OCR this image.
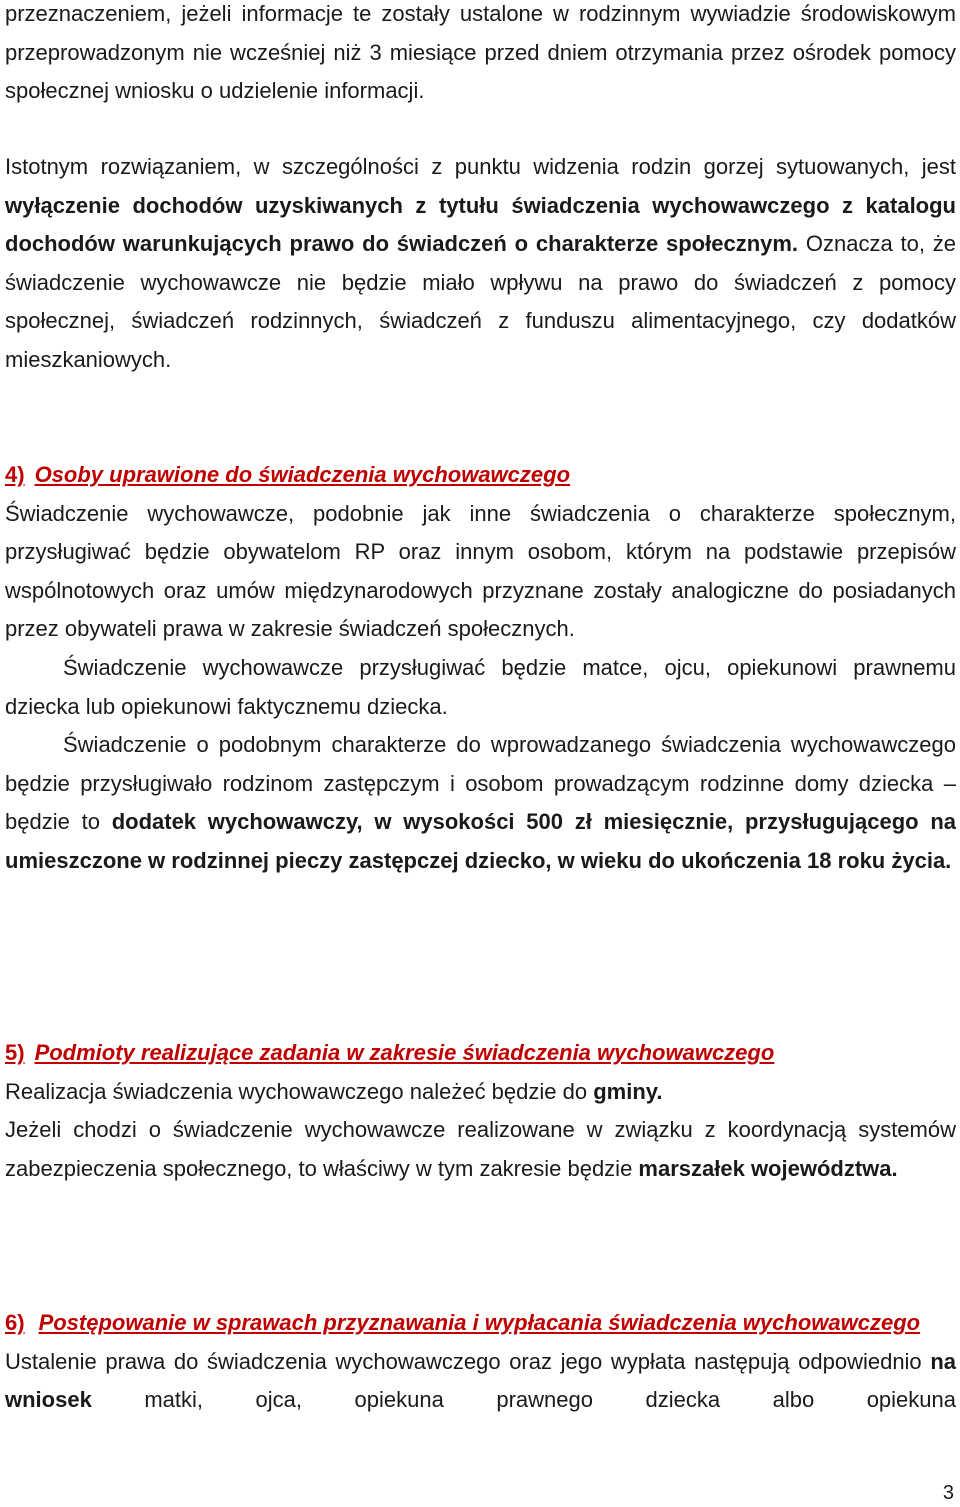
przeznaczeniem, jeżeli informacje te zostały ustalone w rodzinnym wywiadzie środowiskowym przeprowadzonym nie wcześniej niż 3 miesiące przed dniem otrzymania przez ośrodek pomocy społecznej wniosku o udzielenie informacji.

Istotnym rozwiązaniem, w szczególności z punktu widzenia rodzin gorzej sytuowanych, jest wyłączenie dochodów uzyskiwanych z tytułu świadczenia wychowawczego z katalogu dochodów warunkujących prawo do świadczeń o charakterze społecznym. Oznacza to, że świadczenie wychowawcze nie będzie miało wpływu na prawo do świadczeń z pomocy społecznej, świadczeń rodzinnych, świadczeń z funduszu alimentacyjnego, czy dodatków mieszkaniowych.

4) Osoby uprawione do świadczenia wychowawczego

Świadczenie wychowawcze, podobnie jak inne świadczenia o charakterze społecznym, przysługiwać będzie obywatelom RP oraz innym osobom, którym na podstawie przepisów wspólnotowych oraz umów międzynarodowych przyznane zostały analogiczne do posiadanych przez obywateli prawa w zakresie świadczeń społecznych.

Świadczenie wychowawcze przysługiwać będzie matce, ojcu, opiekunowi prawnemu dziecka lub opiekunowi faktycznemu dziecka.

Świadczenie o podobnym charakterze do wprowadzanego świadczenia wychowawczego będzie przysługiwało rodzinom zastępczym i osobom prowadzącym rodzinne domy dziecka – będzie to dodatek wychowawczy, w wysokości 500 zł miesięcznie, przysługującego na umieszczone w rodzinnej pieczy zastępczej dziecko, w wieku do ukończenia 18 roku życia.

5) Podmioty realizujące zadania w zakresie świadczenia wychowawczego

Realizacja świadczenia wychowawczego należeć będzie do gminy.

Jeżeli chodzi o świadczenie wychowawcze realizowane w związku z koordynacją systemów zabezpieczenia społecznego, to właściwy w tym zakresie będzie marszałek województwa.

6) Postępowanie w sprawach przyznawania i wypłacania świadczenia wychowawczego

Ustalenie prawa do świadczenia wychowawczego oraz jego wypłata następują odpowiednio na wniosek matki, ojca, opiekuna prawnego dziecka albo opiekuna

3
